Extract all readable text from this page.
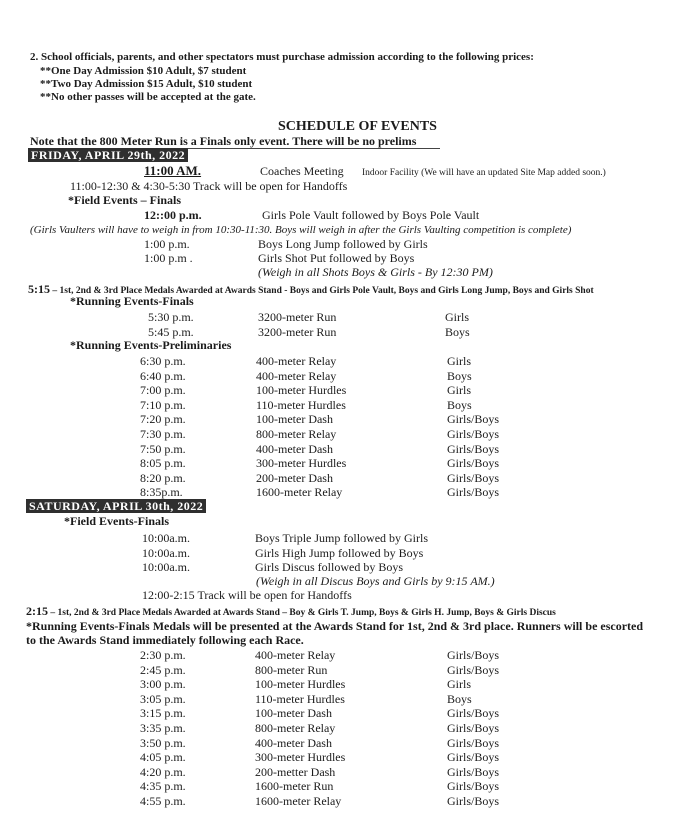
2. School officials, parents, and other spectators must purchase admission according to the following prices:
**One Day Admission $10 Adult, $7 student
**Two Day Admission $15 Adult, $10 student
**No other passes will be accepted at the gate.
SCHEDULE OF EVENTS
Note that the 800 Meter Run is a Finals only event. There will be no prelims
FRIDAY, APRIL 29th, 2022
11:00 AM.	Coaches Meeting Indoor Facility (We will have an updated Site Map added soon.)
11:00-12:30 & 4:30-5:30 Track will be open for Handoffs
*Field Events – Finals
12::00 p.m.	Girls Pole Vault followed by Boys Pole Vault
(Girls Vaulters will have to weigh in from 10:30-11:30. Boys will weigh in after the Girls Vaulting competition is complete)
1:00 p.m.	Boys Long Jump followed by Girls
1:00 p.m .	Girls Shot Put followed by Boys
(Weigh in all Shots Boys & Girls - By 12:30 PM)
5:15 – 1st, 2nd & 3rd Place Medals Awarded at Awards Stand - Boys and Girls Pole Vault, Boys and Girls Long Jump, Boys and Girls Shot
*Running Events-Finals
5:30 p.m.	3200-meter Run	Girls
5:45 p.m.	3200-meter Run	Boys
*Running Events-Preliminaries
6:30 p.m.	400-meter Relay	Girls
6:40 p.m.	400-meter Relay	Boys
7:00 p.m.	100-meter Hurdles	Girls
7:10 p.m.	110-meter Hurdles	Boys
7:20 p.m.	100-meter Dash	Girls/Boys
7:30 p.m.	800-meter Relay	Girls/Boys
7:50 p.m.	400-meter Dash	Girls/Boys
8:05 p.m.	300-meter Hurdles	Girls/Boys
8:20 p.m.	200-meter Dash	Girls/Boys
8:35p.m.	1600-meter Relay	Girls/Boys
SATURDAY, APRIL 30th, 2022
*Field Events-Finals
10:00a.m.	Boys Triple Jump followed by Girls
10:00a.m.	Girls High Jump followed by Boys
10:00a.m.	Girls Discus followed by Boys
(Weigh in all Discus Boys and Girls by 9:15 AM.)
12:00-2:15 Track will be open for Handoffs
2:15 – 1st, 2nd & 3rd Place Medals Awarded at Awards Stand – Boy & Girls T. Jump, Boys & Girls H. Jump, Boys & Girls Discus
*Running Events-Finals Medals will be presented at the Awards Stand for 1st, 2nd & 3rd place. Runners will be escorted
to the Awards Stand immediately following each Race.
2:30 p.m.	400-meter Relay	Girls/Boys
2:45 p.m.	800-meter Run	Girls/Boys
3:00 p.m.	100-meter Hurdles	Girls
3:05 p.m.	110-meter Hurdles	Boys
3:15 p.m.	100-meter Dash	Girls/Boys
3:35 p.m.	800-meter Relay	Girls/Boys
3:50 p.m.	400-meter Dash	Girls/Boys
4:05 p.m.	300-meter Hurdles	Girls/Boys
4:20 p.m.	200-metter Dash	Girls/Boys
4:35 p.m.	1600-meter Run	Girls/Boys
4:55 p.m.	1600-meter Relay	Girls/Boys
